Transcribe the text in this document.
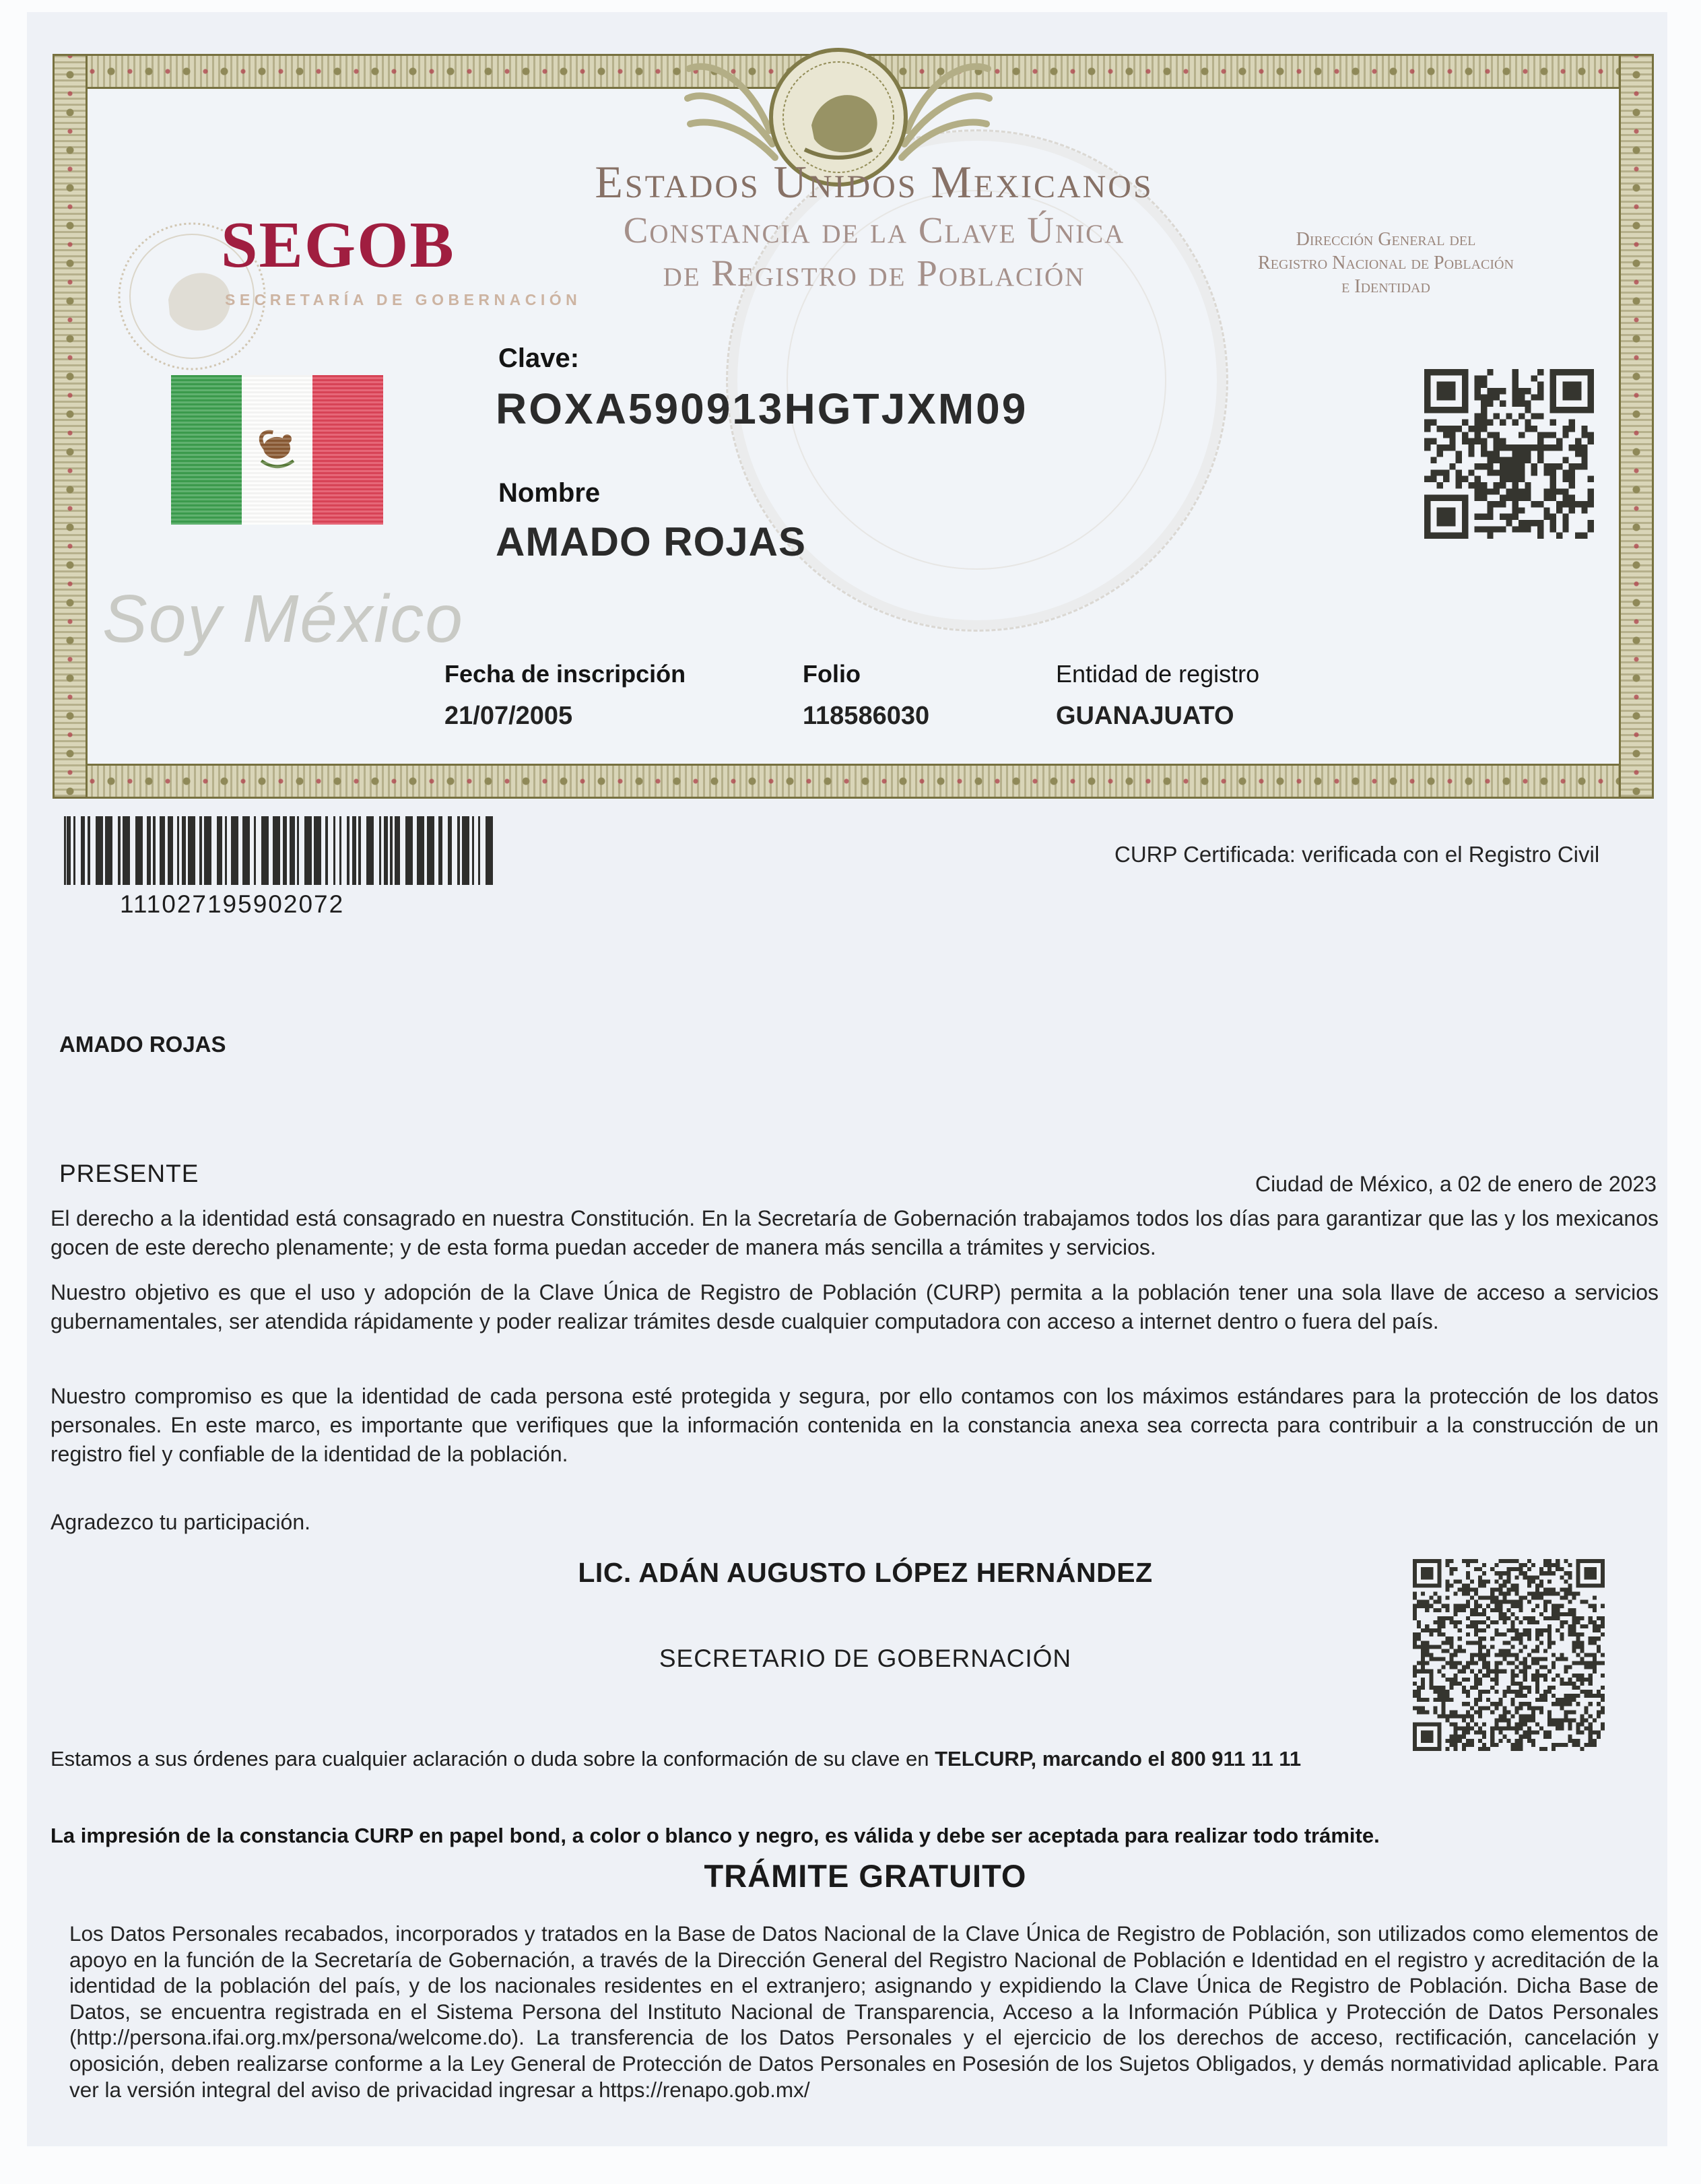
SEGOB
SECRETARÍA DE GOBERNACIÓN
Estados Unidos Mexicanos
Constancia de la Clave Única
de Registro de Población
Dirección General del
Registro Nacional de Población
e Identidad
Clave:
ROXA590913HGTJXM09
Nombre
AMADO ROJAS
Soy México
Fecha de inscripción
21/07/2005
Folio
118586030
Entidad de registro
GUANAJUATO
111027195902072
CURP Certificada: verificada con el Registro Civil
AMADO ROJAS
PRESENTE	Ciudad de México, a 02 de enero de 2023
El derecho a la identidad está consagrado en nuestra Constitución. En la Secretaría de Gobernación trabajamos todos los días para garantizar que las y los mexicanos gocen de este derecho plenamente; y de esta forma puedan acceder de manera más sencilla a trámites y servicios.
Nuestro objetivo es que el uso y adopción de la Clave Única de Registro de Población (CURP) permita a la población tener una sola llave de acceso a servicios gubernamentales, ser atendida rápidamente y poder realizar trámites desde cualquier computadora con acceso a internet dentro o fuera del país.
Nuestro compromiso es que la identidad de cada persona esté protegida y segura, por ello contamos con los máximos estándares para la protección de los datos personales. En este marco, es importante que verifiques que la información contenida en la constancia anexa sea correcta para contribuir a la construcción de un registro fiel y confiable de la identidad de la población.
Agradezco tu participación.
LIC. ADÁN AUGUSTO LÓPEZ HERNÁNDEZ
SECRETARIO DE GOBERNACIÓN
Estamos a sus órdenes para cualquier aclaración o duda sobre la conformación de su clave en TELCURP, marcando el 800 911 11 11
La impresión de la constancia CURP en papel bond, a color o blanco y negro, es válida y debe ser aceptada para realizar todo trámite.
TRÁMITE GRATUITO
Los Datos Personales recabados, incorporados y tratados en la Base de Datos Nacional de la Clave Única de Registro de Población, son utilizados como elementos de apoyo en la función de la Secretaría de Gobernación, a través de la Dirección General del Registro Nacional de Población e Identidad en el registro y acreditación de la identidad de la población del país, y de los nacionales residentes en el extranjero; asignando y expidiendo la Clave Única de Registro de Población. Dicha Base de Datos, se encuentra registrada en el Sistema Persona del Instituto Nacional de Transparencia, Acceso a la Información Pública y Protección de Datos Personales (http://persona.ifai.org.mx/persona/welcome.do). La transferencia de los Datos Personales y el ejercicio de los derechos de acceso, rectificación, cancelación y oposición, deben realizarse conforme a la Ley General de Protección de Datos Personales en Posesión de los Sujetos Obligados, y demás normatividad aplicable. Para ver la versión integral del aviso de privacidad ingresar a https://renapo.gob.mx/
